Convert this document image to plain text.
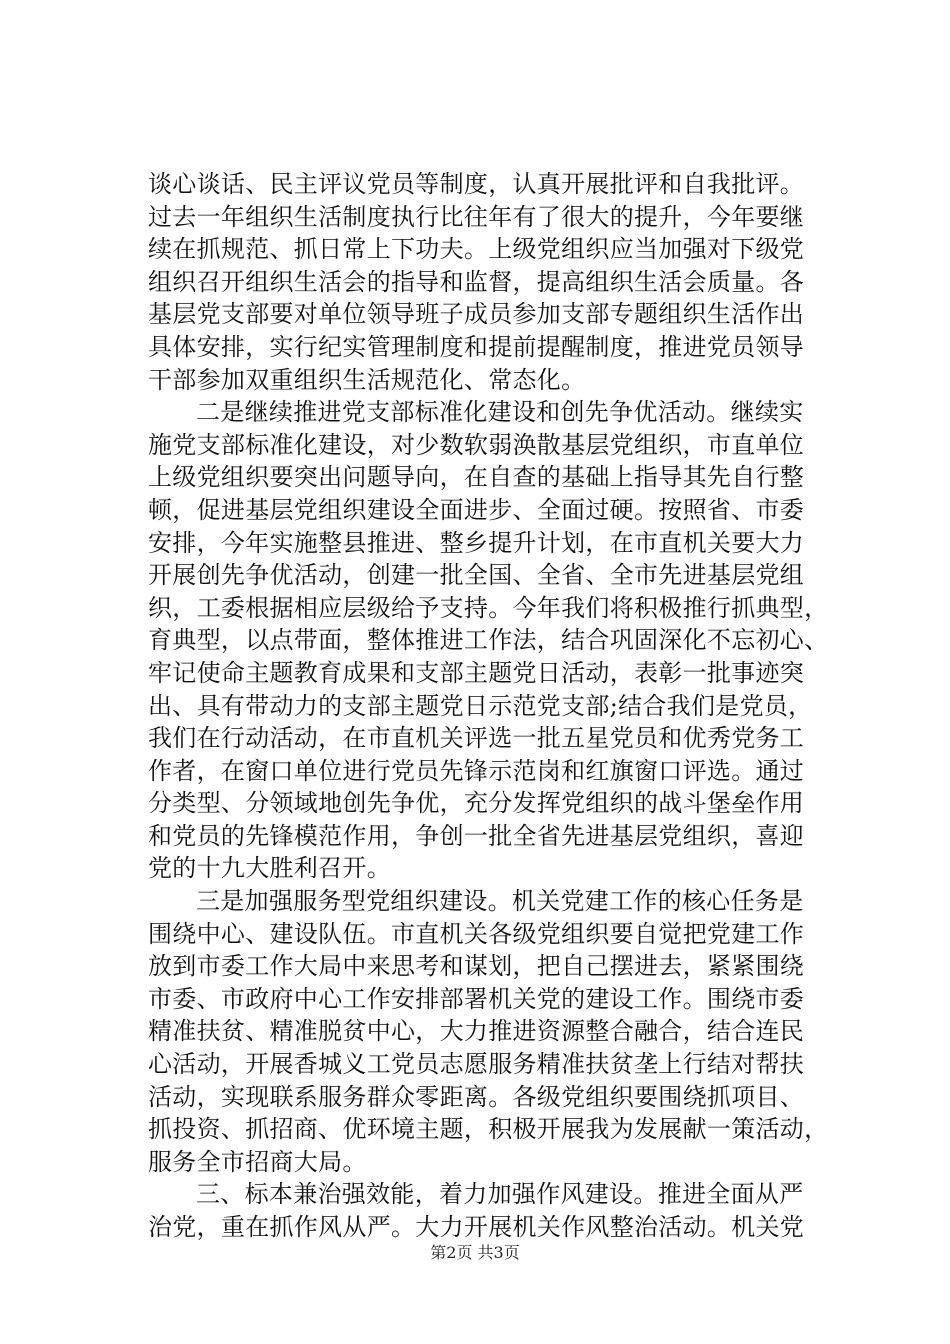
谈心谈话、民主评议党员等制度，认真开展批评和自我批评。
过去一年组织生活制度执行比往年有了很大的提升，今年要继
续在抓规范、抓日常上下功夫。上级党组织应当加强对下级党
组织召开组织生活会的指导和监督，提高组织生活会质量。各
基层党支部要对单位领导班子成员参加支部专题组织生活作出
具体安排，实行纪实管理制度和提前提醒制度，推进党员领导
干部参加双重组织生活规范化、常态化。
二是继续推进党支部标准化建设和创先争优活动。继续实
施党支部标准化建设，对少数软弱涣散基层党组织，市直单位
上级党组织要突出问题导向，在自查的基础上指导其先自行整
顿，促进基层党组织建设全面进步、全面过硬。按照省、市委
安排，今年实施整县推进、整乡提升计划，在市直机关要大力
开展创先争优活动，创建一批全国、全省、全市先进基层党组
织，工委根据相应层级给予支持。今年我们将积极推行抓典型，
育典型，以点带面，整体推进工作法，结合巩固深化不忘初心、
牢记使命主题教育成果和支部主题党日活动，表彰一批事迹突
出、具有带动力的支部主题党日示范党支部;结合我们是党员，
我们在行动活动，在市直机关评选一批五星党员和优秀党务工
作者，在窗口单位进行党员先锋示范岗和红旗窗口评选。通过
分类型、分领域地创先争优，充分发挥党组织的战斗堡垒作用
和党员的先锋模范作用，争创一批全省先进基层党组织，喜迎
党的十九大胜利召开。
三是加强服务型党组织建设。机关党建工作的核心任务是
围绕中心、建设队伍。市直机关各级党组织要自觉把党建工作
放到市委工作大局中来思考和谋划，把自己摆进去，紧紧围绕
市委、市政府中心工作安排部署机关党的建设工作。围绕市委
精准扶贫、精准脱贫中心，大力推进资源整合融合，结合连民
心活动，开展香城义工党员志愿服务精准扶贫垄上行结对帮扶
活动，实现联系服务群众零距离。各级党组织要围绕抓项目、
抓投资、抓招商、优环境主题，积极开展我为发展献一策活动，
服务全市招商大局。
三、标本兼治强效能，着力加强作风建设。推进全面从严
治党，重在抓作风从严。大力开展机关作风整治活动。机关党
第2页 共3页
